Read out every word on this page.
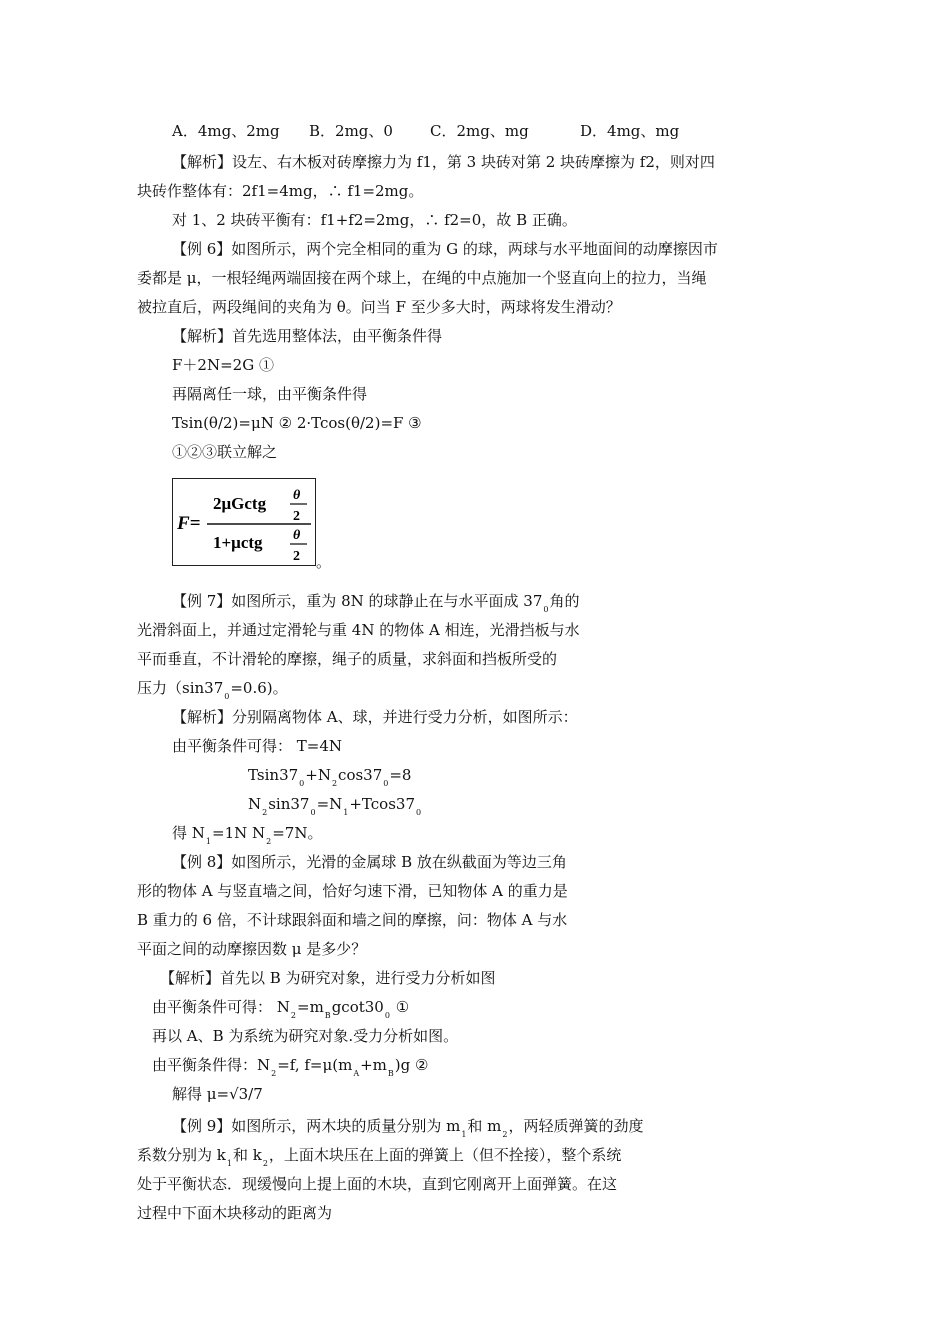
A．4mg、2mg B．2mg、0 C．2mg、mg	D．4mg、mg
【解析】设左、右木板对砖摩擦力为 f1，第 3 块砖对第 2 块砖摩擦为 f2，则对四
块砖作整体有：2f1=4mg，∴ f1=2mg。
对 1、2 块砖平衡有：f1+f2=2mg，∴ f2=0，故 B 正确。
【例 6】如图所示，两个完全相同的重为 G 的球，两球与水平地面间的动摩擦因市
委都是 μ，一根轻绳两端固接在两个球上，在绳的中点施加一个竖直向上的拉力，当绳
被拉直后，两段绳间的夹角为 θ。问当 F 至少多大时，两球将发生滑动？
【解析】首先选用整体法，由平衡条件得
F＋2N=2G ①
再隔离任一球，由平衡条件得
Tsin(θ/2)=μN ② 2·Tcos(θ/2)=F ③
①②③联立解之
F=
2μGctg θ
2
1+μctg θ
2 。
【例 7】如图所示，重为 8N 的球静止在与水平面成 $37_0$角的
光滑斜面上，并通过定滑轮与重 4N 的物体 A 相连，光滑挡板与水
平而垂直，不计滑轮的摩擦，绳子的质量，求斜面和挡板所受的
压力$(\sin 37_0=0.6)$。
【解析】分别隔离物体 A、球，并进行受力分析，如图所示：
由平衡条件可得： T=4N
$Tsin37_0+N_2\cos 37_0=8$
$N_2\sin 37_0=N_1+Tcos37_0$
得 $N_1=1N$ $N_2=7N$。
【例 8】如图所示，光滑的金属球 B 放在纵截面为等边三角
形的物体 A 与竖直墙之间，恰好匀速下滑，已知物体 A 的重力是
B 重力的 6 倍，不计球跟斜面和墙之间的摩擦，问：物体 A 与水
平面之间的动摩擦因数 μ 是多少？
【解析】首先以 B 为研究对象，进行受力分析如图
由平衡条件可得： $N_2=m_Bgcot30_0$ ①
再以 A、B 为系统为研究对象.受力分析如图。
由平衡条件得：$N_2=f$, $f=\mu(m_A+m_B)g$ ②
解得 μ=√3/7
【例 9】如图所示，两木块的质量分别为 $m_1$和 $m_2$，两轻质弹簧的劲度
系数分别为 $k_1$和 $k_2$，上面木块压在上面的弹簧上（但不拴接），整个系统
处于平衡状态．现缓慢向上提上面的木块，直到它刚离开上面弹簧。在这
过程中下面木块移动的距离为
